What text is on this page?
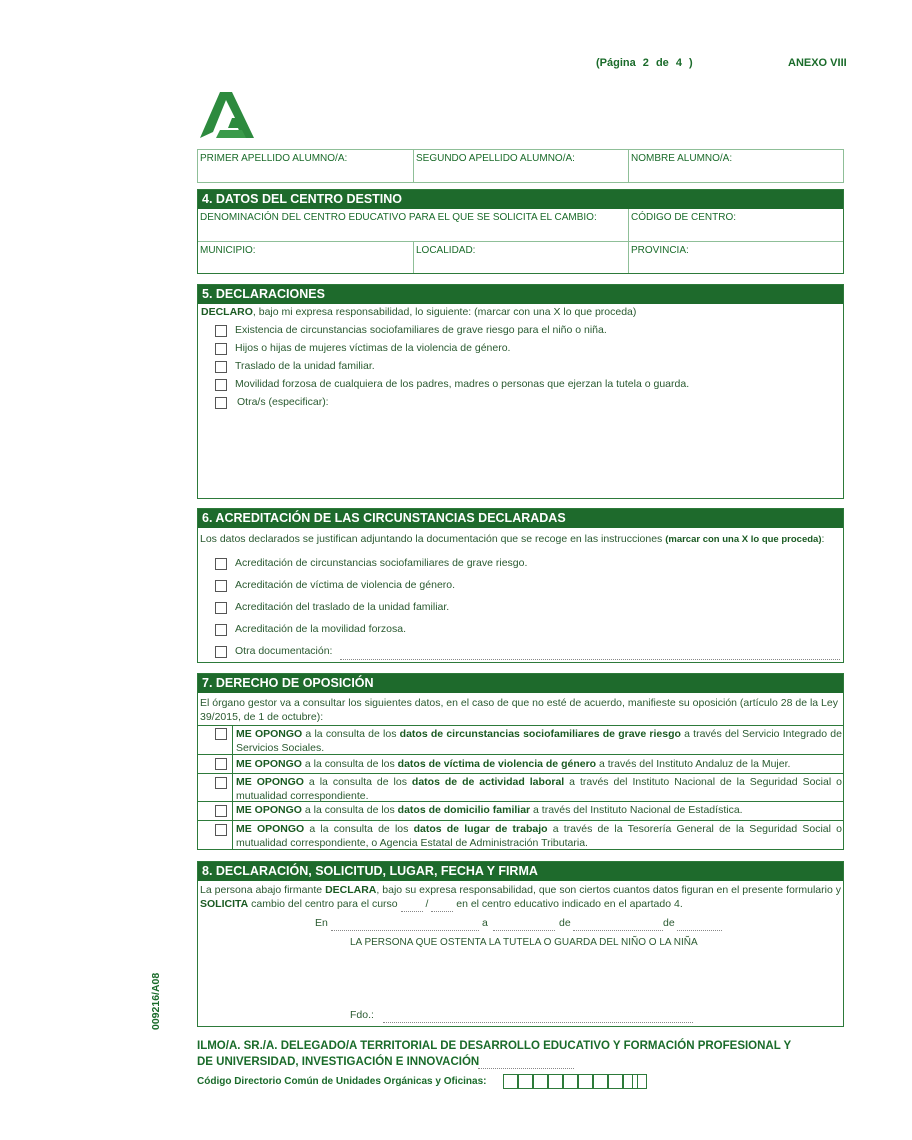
(Página 2 de 4 )	ANEXO VIII
PRIMER APELLIDO ALUMNO/A:	SEGUNDO APELLIDO ALUMNO/A:	NOMBRE ALUMNO/A:
4. DATOS DEL CENTRO DESTINO
DENOMINACIÓN DEL CENTRO EDUCATIVO PARA EL QUE SE SOLICITA EL CAMBIO:	CÓDIGO DE CENTRO:
MUNICIPIO:	LOCALIDAD:	PROVINCIA:
5. DECLARACIONES
DECLARO, bajo mi expresa responsabilidad, lo siguiente: (marcar con una X lo que proceda)
Existencia de circunstancias sociofamiliares de grave riesgo para el niño o niña.
Hijos o hijas de mujeres víctimas de la violencia de género.
Traslado de la unidad familiar.
Movilidad forzosa de cualquiera de los padres, madres o personas que ejerzan la tutela o guarda.
Otra/s (especificar):
6. ACREDITACIÓN DE LAS CIRCUNSTANCIAS DECLARADAS
Los datos declarados se justifican adjuntando la documentación que se recoge en las instrucciones (marcar con una X lo que proceda):
Acreditación de circunstancias sociofamiliares de grave riesgo.
Acreditación de víctima de violencia de género.
Acreditación del traslado de la unidad familiar.
Acreditación de la movilidad forzosa.
Otra documentación:
7. DERECHO DE OPOSICIÓN
El órgano gestor va a consultar los siguientes datos, en el caso de que no esté de acuerdo, manifieste su oposición (artículo 28 de la Ley 39/2015, de 1 de octubre):
ME OPONGO a la consulta de los datos de circunstancias sociofamiliares de grave riesgo a través del Servicio Integrado de Servicios Sociales.
ME OPONGO a la consulta de los datos de víctima de violencia de género a través del Instituto Andaluz de la Mujer.
ME OPONGO a la consulta de los datos de de actividad laboral a través del Instituto Nacional de la Seguridad Social o mutualidad correspondiente.
ME OPONGO a la consulta de los datos de domicilio familiar a través del Instituto Nacional de Estadística.
ME OPONGO a la consulta de los datos de lugar de trabajo a través de la Tesorería General de la Seguridad Social o mutualidad correspondiente, o Agencia Estatal de Administración Tributaria.
8. DECLARACIÓN, SOLICITUD, LUGAR, FECHA Y FIRMA
La persona abajo firmante DECLARA, bajo su expresa responsabilidad, que son ciertos cuantos datos figuran en el presente formulario y SOLICITA cambio del centro para el curso   /   en el centro educativo indicado en el apartado 4.
En	a	de	de
LA PERSONA QUE OSTENTA LA TUTELA O GUARDA DEL NIÑO O LA NIÑA
Fdo.:
ILMO/A. SR./A. DELEGADO/A TERRITORIAL DE DESARROLLO EDUCATIVO Y FORMACIÓN PROFESIONAL Y
DE UNIVERSIDAD, INVESTIGACIÓN E INNOVACIÓN
Código Directorio Común de Unidades Orgánicas y Oficinas:
009216/A08
